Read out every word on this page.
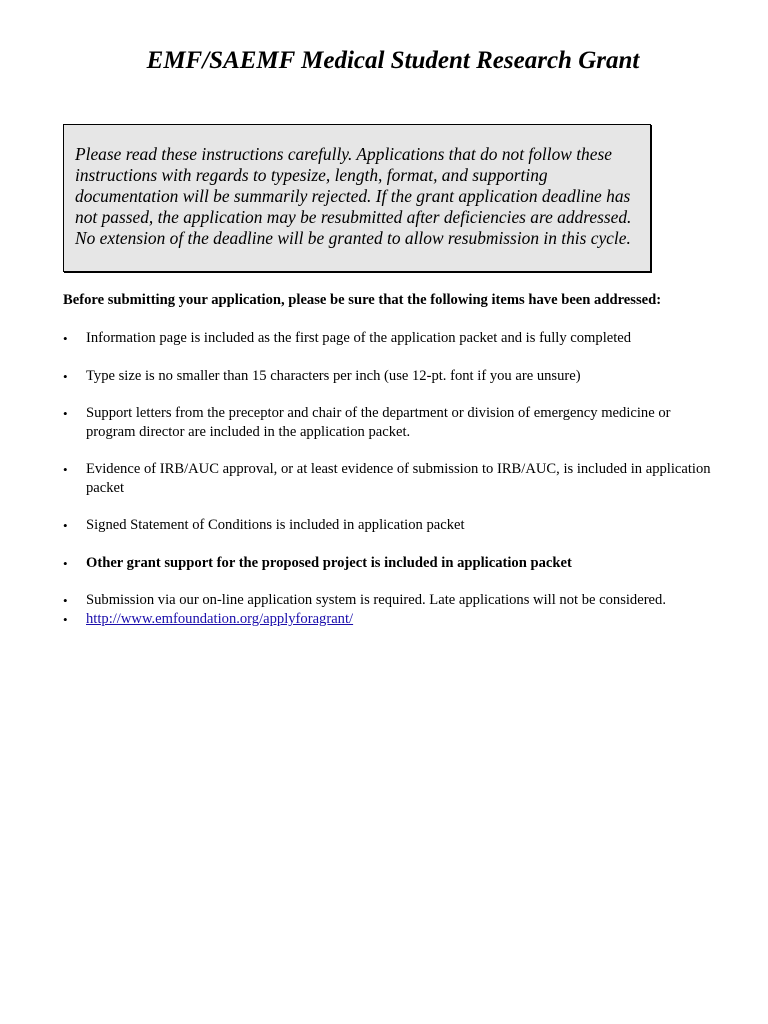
EMF/SAEMF Medical Student Research Grant

Please read these instructions carefully. Applications that do not follow these instructions with regards to typesize, length, format, and supporting documentation will be summarily rejected. If the grant application deadline has not passed, the application may be resubmitted after deficiencies are addressed. No extension of the deadline will be granted to allow resubmission in this cycle.

Before submitting your application, please be sure that the following items have been addressed:

•	Information page is included as the first page of the application packet and is fully completed
•	Type size is no smaller than 15 characters per inch (use 12-pt. font if you are unsure)
•	Support letters from the preceptor and chair of the department or division of emergency medicine or program director are included in the application packet.
•	Evidence of IRB/AUC approval, or at least evidence of submission to IRB/AUC, is included in application packet
•	Signed Statement of Conditions is included in application packet
•	Other grant support for the proposed project is included in application packet
•	Submission via our on-line application system is required. Late applications will not be considered.
•	http://www.emfoundation.org/applyforagrant/
